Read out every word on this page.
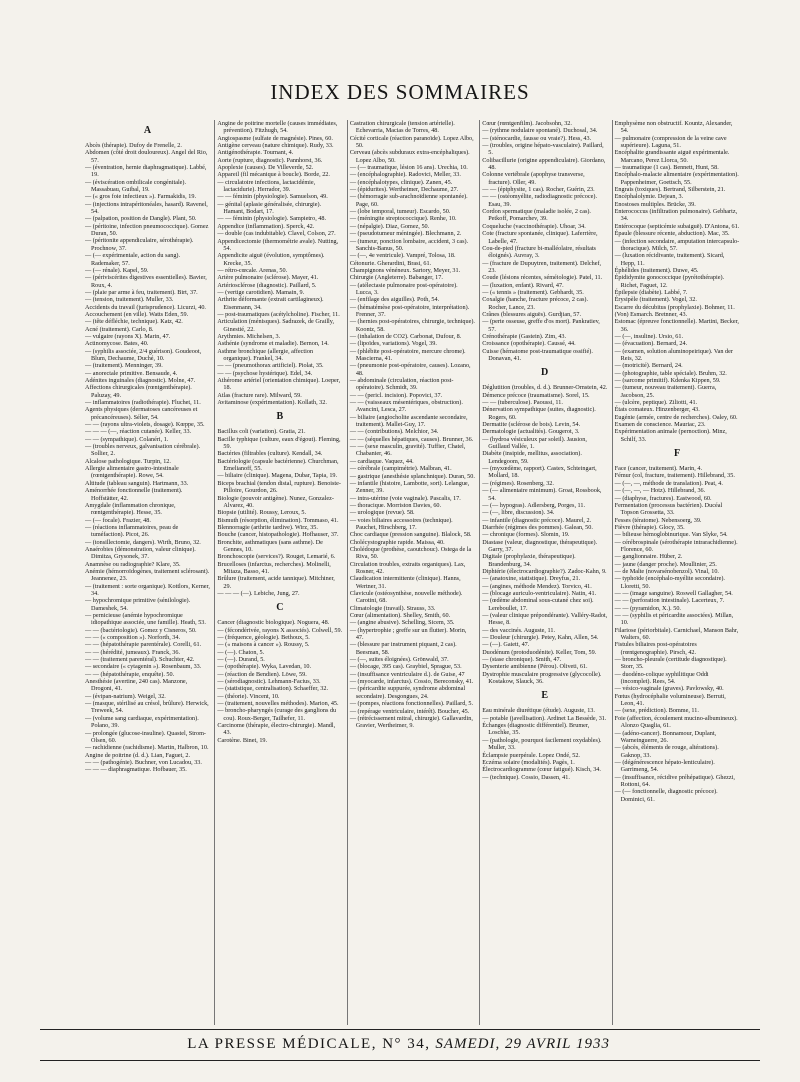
INDEX DES SOMMAIRES
A

Abcès (thérapie). Dufoy de Frenelle, 2.

Abdomen (côté droit douloureux). Angel del Rio, 57.

— (éventration, hernie diaphragmatique). Labbé, 19.

— (éviscération ombilicale congénitale). Massabuau, Guibal, 19.

— (« gros foie infectieux »). Farmakidis, 19.

— (injections intrapéritonéales, hasard). Ravenel, 54.

— (palpation, position de Dangle). Plant, 50.

— (péritoine, infection pneumococcique). Gomez Duran, 50.

— (péritonite appendiculaire, sérothérapie). Prochnow, 37.

— (— expérimentale, action du sang). Rademaker, 57.

— (— rénale). Kapel, 59.

— (périviscérites digestives essentielles). Bavier, Roux, 4.

— (plaie par arme à feu, traitement). Birt, 37.

— (tension, traitement). Muller, 33.

Accidents du travail (jurisprudence). Licurzi, 40.

Accouchement (en ville). Watts Eden, 59.

— (tête défléchie, technique). Katz, 42.

Acné (traitement). Carlo, 8.

— vulgaire (rayons X). Marin, 47.

Actinomycose. Bates, 40.

— (syphilis associée, 2/4 guérison). Goudeoot, Blum, Dechaume, Duché, 10.

— (traitement). Menninger, 39.

— anorectale primitive. Bensaude, 4.

Adénites inguinales (diagnostic). Molne, 47.

Affections chirurgicales (rœntgenthérapie). Paluzay, 49.

— inflammatoires (radiothérapie). Fluchet, 11.

Agents physiques (dermatoses cancéreuses et précancéreuses). Sélier, 54.

— — (rayons ultra-violets, dosage). Kœppe, 35.

— — — (—, réaction cutanée). Keller, 33.

— — (sympathique). Colanéri, 1.

— (troubles nerveux, galvanisation cérébrale). Sollier, 2.

Alcalose pathologique. Turpin, 12.

Allergie alimentaire gastro-intestinale (rœntgenthérapie). Rowe, 54.

Altitude (tableau sanguin). Hartmann, 33.

Aménorrhée fonctionnelle (traitement). Hoffstätter, 42.

Amygdale (inflammation chronique, rœntgenthérapie). Hesse, 35.

— (— focale). Frazier, 48.

— (réactions inflammatoires, peau de tuméfaction). Picot, 26.

— (tonsillectomie, dangers). Wirth, Bruno, 32.

Anaérobies (démonstration, valeur clinique). Dimitza, Grysonek, 37.

Anamnèse ou radiographie? Klare, 35.

Anémie (hémorroïdogènes, traitement sclérosant). Jeannenez, 23.

— (traitement : sorte organique). Kottlors, Kerner, 34.

— hypochromique primitive (sénilologie). Dameshek, 54.

— pernicieuse (anémie hypochromique idiopathique associée, une famille). Heath, 53.

— — (bactériologie). Gomez y Cisneros, 50.

— — (« composition »). Norforth, 34.

— — (hépatothérapie parentérale). Corelli, 61.

— — (hérédité, jumeaux). Franck, 36.

— — (traitement parentéral). Schuchter, 42.

— secondaire (« cytagenin »). Rosenbaum, 33.

— — (hépatothérapie, enquête). 50.

Anesthésie (avertine, 240 cas). Manzone, Drogoni, 41.

— (évipan-natrium). Weigel, 32.

— (masque, stérilisé au crésol, brûlure). Herwick, Treweek, 54.

— (volume sang cardiaque, expérimentation). Polano, 39.

— prolongée (glucose-insuline). Quastel, Strom-Olsen, 60.

— rachidienne (rachidisme). Martin, Halbron, 10.

Angine de poitrine (d. d.). Lian, Faguet, 2.

— — (pathogénie). Buchner, von Lucadou, 33.

— — — diaphragmatique. Hofbauer, 35.

Angine de poitrine mortelle (causes immédiates, prévention). Fitzhugh, 54.

Angiospasme (sulfate de magnésie). Pines, 60.

Antigène cerveau (nature chimique). Rudy, 33.

Antigénothérapie. Tournant, 4.

Aorte (rupture, diagnostic). Pannhorst, 36.

Apoplexie (causes). De Villeverde, 52.

Appareil (fil mécanique à boucle). Borde, 22.

— circulatoire infections, lactacidémie, lactacidurie). Herrador, 39.

— — féminin (physiologie). Samuelson, 49.

— génital (aplasie généralisée, chirurgie). Hamant, Bodart, 17.

— — féminin (physiologie). Sampietro, 48.

Appendice (inflammation). Sperck, 42.

— double (cas indubitable). Clavel, Colson, 27.

Appendicectomie (thermométrie avale). Nutting, 54.

Appendicite aiguë (évolution, symptômes). Krecke, 35.

— rétro-cœcale. Arenas, 50.

Artère pulmonaire (sclérose). Mayer, 41.

Artériosclérose (diagnostic). Paillard, 5.

— (vertige carotidien). Mamain, 9.

Arthrite déformante (extrait cartilagineux). Eisenmann, 34.

— post-traumatiques (acétylcholine). Fischer, 11.

Articulation (ménisques). Sadrazek, de Grailly, Ginestié, 22.

Arythmies. Michelsen, 3.

Asthénie (syndrome et maladie). Bernon, 14.

Asthme bronchique (allergie, affection organique). Frankel, 34.

— — (pneumothorax artificiel). Piolat, 35.

— — (psychose hystérique). Edel, 34.

Athérome artériel (orientation chimique). Loeper, 18.

Atlas (fracture rare). Milward, 59.

Avitaminose (expérimentation). Kollath, 32.

B

Bacillus coli (variation). Gratia, 21.

Bacille typhique (culture, eaux d'égout). Fleming, 59.

Bactéries (filtrables (culture). Kendall, 34.

Bactériologie (capsule bactérienne). Churchman, Emelianoff, 55.

— biliaire (clinique). Magena, Dubar, Tapia, 19.

Biceps brachial (tendon distal, rupture). Benoiste-Pilloire, Gourdon, 26.

Biologie (pouvoir antigène). Nunez, Gonzalez-Alvarez, 40.

Biopsie (utilité). Roussy, Leroux, 5.

Bismuth (résorption, élimination). Tommaso, 41.

Blennorragie (arthrite tardive). Wirz, 35.

Bouche (cancer, histopathologie). Hofhauser, 37.

Bronchite, asthmatiques (sans asthme). De Gennes, 10.

Bronchoscopie (services?). Rouget, Lemarié, 6.

Brucelloses (infarctus, recherches). Molinelli, Mitaza, Basso, 41.

Brûlure (traitement, acide tannique). Mitchiner, 29.

— — — (—). Lebiche, Jung, 27.

C

Cancer (diagnostic biologique). Noguera, 48.

— (fécondérivée, rayons X associés). Colwell, 59.

— (fréquence, géologie). Bethoux, 5.

— (« maisons à cancer »). Roussy, 5.

— (—). Chaton, 5.

— (—). Durand, 5.

— (opothérapie). Wyka, Lavedan, 10.

— (réaction de Bendien). Löwe, 59.

— (sérodiagnostic). Lehmann-Facius, 33.

— (statistique, centralisation). Schaeffer, 32.

— (théorie). Vincent, 10.

— (traitement, nouvelles méthodes). Marion, 45.

— broncho-pharyngés (curage des ganglions du cou). Roux-Berger, Tailhefer, 11.

Carcinome (thérapie, électro-chirurgie). Mandl, 43.

Carotène. Binet, 19.

Castration chirurgicale (tension artérielle). Echevarria, Macias de Torres, 48.

Cécité corticale (réaction paranoïde). Lopez Albo, 50.

Cerveau (abcès subduraux extra-encéphaliques). Lopez Albo, 50.

— (— traumatique, lésion 16 ans). Urechia, 10.

— (encéphalographie). Radovici, Meller, 33.

— (encéphalotypes, clinique). Zanen, 45.

— (épidurites). Wertheimer, Dechaume, 27.

— (hémorragie sub-arachnoïdienne spontanée). Page, 60.

— (lobe temporal, tumeur). Escardo, 50.

— (méningite streptococcique). Renhe, 10.

— (népalgie). Diaz, Gomez, 50.

— (pseudotumeur méningée). Blechmann, 2.

— (tumeur, ponction lombaire, accident, 3 cas). Sanchis-Banus, 50.

— (—, 4e ventricule). Vampré, Tolosa, 18.

Cétonurie. Gherardini, Brasi, 61.

Champignons vénéneux. Sartory, Meyer, 31.

Chirurgie (Angleterre). Babanger, 17.

— (atélectasie pulmonaire post-opératoire). Lucca, 3.

— (enfilage des aiguilles). Poth, 54.

— (hématémèse post-opératoire, interprétation). Frenner, 37.

— (hernies post-opératoires, chirurgie, technique). Koontz, 58.

— (inhalation de CO2). Carbonat, Dufour, 8.

— (lipoïdes, variations). Vogel, 39.

— (phlébite post-opératoire, mercure chrome). Mascierna, 41.

— (pneumonie post-opératoire, causes). Lozano, 48.

— abdominale (circulation, réaction post-opératoire). Schmidt, 39.

— — (pericl. incision). Popovici, 37.

— — (vaisseaux mésentériques, obstruction). Avancini, Lesca, 27.

— biliaire (angiocholite ascendante secondaire, traitement). Mallet-Guy, 17.

— — (contributions). Melchior, 34.

— — (séquelles hépatiques, causes). Brunner, 36.

— — (sexe masculin, gravité). Tuffier, Chatel, Chabanier, 46.

— cardiaque. Vaquez, 44.

— cérébrale (campimétrie). Malbran, 41.

— gastrique (anesthésie splanchnique). Duran, 50.

— infantile (histoire, Lambotte, sort). Lelangue, Zenner, 39.

— intra-utérine (voie vaginale). Pascalis, 17.

— thoracique. Morriston Davies, 60.

— urologique (revue). 58.

— voies biliaires accessoires (technique). Pauchet, Hirschberg, 17.

Choc cardiaque (pression sanguine). Blalock, 58.

Cholécystographie rapide. Maissa, 40.

Cholédoque (prothèse, caoutchouc). Ostega de la Riva, 50.

Circulation troubles, extraits organiques). Lax, Rosner, 42.

Claudication intermittente (clinique). Hanns, Wertner, 31.

Clavicule (ostéosynthèse, nouvelle méthode). Carotini, 68.

Climatologie (travail). Strauss, 33.

Cœur (alimentation). Shelley, Smith, 60.

— (angine abusive). Schelling, Sicem, 35.

— (hypertrophie ; greffe sur un flutter). Morin, 47.

— (blessure par instrument piquant, 2 cas). Beesman, 58.

— (—, suites éloignées). Grönwald, 37.

— (blocage, 395 cas). Graybiel, Sprague, 53.

— (insuffisance ventriculaire d.). de Guise, 47

— (myocarde, infarctus). Cossio, Bereconsky, 41.

— (péricardite suppurée, syndrome abdominal secondaire). Desgongues, 24.

— (pompes, réactions fonctionnelles). Paillard, 5.

— (repérage ventriculaire, intérêt). Boucher, 45.

— (rétrécissement mitral, chirurgie). Gallavardin, Gravier, Wertheimer, 9.

Cœur (rœntgenfilm). Jacobsohn, 32.

— (rythme nodulaire spontané). Duchosal, 34.

— (sténocardie, fausse ou vraie?). Hess, 43.

— (troubles, origine hépato-vasculaire). Paillard, 5.

Colibacillurie (origine appendiculaire). Giordano, 48.

Colonne vertébrale (apophyse transverse, fracture). Oller, 49.

— — (épiphysite, 1 cas). Rocher, Guérin, 23.

— — (ostéomyélite, radiodiagnostic précoce). Esau, 39.

Cordon spermatique (maladie isolée, 2 cas). Petkoff, Pomarchev, 39.

Coqueluche (vaccinothérapie). Uhoar, 34.

Cote (fracture spontanée, clinique). Laferrière, Labelle, 47.

Cou-de-pied (fracture bi-malléolaire, résultats éloignés). Auvray, 3.

— (fracture de Dupuytren, traitement). Delchef, 23.

Coude (lésions récentes, séméiologie). Patel, 11.

— (luxation, enfant). Rivard, 47.

— (« tennis » (traitement). Gebhardt, 35.

Coxalgie (hanche, fracture précoce, 2 cas). Rocher, Lance, 23.

Crânes (blessures aiguës). Gurdjian, 57.

— (perte osseuse, greffe d'os mort). Pankratiev, 57.

Crénothérapie (Gastein). Zim, 43.

Croissance (opothérapie). Caussé, 44.

Cuisse (hématome post-traumatique ossifié). Donavan, 41.

D

Déglutition (troubles, d. d.). Brunner-Ornstein, 42.

Démence précoce (traumatisme). Sorel, 15.

— — (tuberculose). Paoussi, 11.

Dénervation sympathique (suites, diagnostic). Rogers, 60.

Dermatite (sclérose de bois). Levin, 54.

Dermatologie (actualités). Gougerot, 3.

— (hydroa vésiculeux par soleil). Jausion, Guillaud Vallée, 1.

Diabète (insipide, mellitus, association). Lendegoom, 59.

— (myxœdème, rapport). Castex, Schteingart, Mollard, 18.

— (régimes). Rosenberg, 32.

— (— alimentaire minimum). Groat, Rossbook, 54.

— (— hypogras). Adlersberg, Porges, 11.

— (—, libre, discussion). 34.

— infantile (diagnostic précoce). Maurel, 2.

Diarrhée (régimes des pommes). Galean, 50.

— chronique (formes). Slomin, 19.

Diastase (valeur, diagnostique, thérapeutique). Garry, 37.

Digitale (prophylaxie, thérapeutique). Brandenburg, 34.

Diphtérie (électrocardiographie?). Zadoc-Kahn, 9.

— (anatoxine, statistique). Dreyfus, 21.

— (angines, méthode Mendez). Torvico, 41.

— (blocage auriculo-ventriculaire). Natin, 41.

— (œdème abdominal sous-cutané chez soi). Lereboullet, 17.

— (valeur clinique prépondérante). Valléry-Radot, Hesse, 8.

— des vaccinés. Auguste, 11.

— Douleur (chirurgie). Petey, Kahn, Allen, 54.

— (—). Gaiett, 47.

Duodénum (protoduodénite). Keller, Tom, 59.

— (stase chronique). Smith, 47.

Dysenterie amibienne (Pérou). Oliveti, 61.

Dystrophie musculaire progressive (glycocolle). Kostakow, Slauck, 36.

E

Eau minérale diurétique (étude). Auguste, 13.

— potable (javellisation). Ardinet La Bessède, 31.

Échanges (diagnostic différentiel). Brumer, Loschke, 35.

— (pathologie, pourquoi facilement oxydables). Muller, 33.

Éclampsie puerpérale. Lopez Ondé, 52.

Eczéma solaire (modalités). Pagès, 1.

Électrocardiogramme (cœur fatigué). Kisch, 34.

— (technique). Cossio, Dassen, 41.

Emphysème non obstructif. Kountz, Alexander, 54.

— pulmonaire (compression de la veine cave supérieure). Laguna, 51.

Encéphalite grandissante aiguë expérimentale. Marcano, Perez Llorca, 50.

— traumatique (1 cas). Bennett, Hunt, 58.

Encéphalo-malacie alimentaire (expérimentation). Pappenheimer, Goettsch, 55.

Engrais (toxiques). Bertrand, Silberstein, 21.

Encéphalolymie. Dejean, 3.

Enostoses multiples. Brücke, 39.

Enterococcus (infiltration pulmonaire). Gebhartz, 34.

Entérocoque (septicémie subaiguë). D'Antona, 61.

Épaule (blessure récente, abduction). Mac, 35.

— (infection secondaire, amputation intercapsulo-thoracique). Milch, 57.

— (luxation récidivante, traitement). Sicard, Hepp, 11.

Éphélides (traitement). Duwe, 45.

Épididymite gonococcique (pyrétothérapie). Richet, Faguet, 12.

Épilepsie (diabète). Labbé, 7.

Érysipèle (traitement). Vogel, 32.

Escarre du décubitus (prophylaxie). Bohmer, 11.

(Von) Esmarch. Bretnner, 43.

Estomac (épreuve fonctionnelle). Martini, Becker, 36.

— (—, insuline). Ursio, 61.

— (évacuation). Bernard, 24.

— (examen, solution aluminopeirique). Van der Reis, 32.

— (motricité). Bernard, 24.

— (photographie, table spéciale). Bruhm, 32.

— (sarcome primitif). Kdenka Kippen, 59.

— (tumeur, nouveau traitement). Guerra, Jacobson, 25.

— (ulcère, peptique). Ziliotti, 41.

États comateux. Hinzenberger, 43.

Eugénie (armée, centre de recherches). Oaley, 60.

Examen de conscience. Mauriac, 23.

Expérimentation animale (pernoction). Minz, Schilf, 33.

F

Face (cancer, traitement). Marin, 4.

Fémur (col, fracture, traitement). Hillebrand, 35.

— (—, —, méthode de translation). Peat, 4.

— (—, —, — Hotz). Hillebrand, 36.

— (diaphyse, fractures). Eastwood, 60.

Fermentation (processus bactérien). Ducéal Topson Grossetta, 33.

Fesses (tératome). Nebensoerg, 39.

Fièvre (thérapie). Glocy, 35.

— bilieuse hémoglobinurique. Van Slyke, 54.

— cérébrospinale (sérothérapie intrarachidienne). Florence, 60.

— ganglionnaire. Hüber, 2.

— jaune (danger proche). Moullinier, 25.

— de Malte (novarsénobenzol). Vinal, 10.

— typhoïde (encéphalo-myélite secondaire). Lloretti, 50.

— — (image sanguine). Roswell Gallagher, 54.

— — (perforation intestinale). Lacerteux, 7.

— — (pyramidon, X.). 50.

— — (syphilis et péricardite associées). Millan, 10.

Filariose (périorbitale). Carnichael, Manson Bahr, Walters, 60.

Fistules biliaires post-opératoires (rœntgenographie). Pirsch, 42.

— broncho-pleurale (certitude diagnostique). Storr, 35.

— duodéno-colique syphilitique Oddi (incomplet). Rees, 54.

— vésico-vaginale (graves). Pavlowsky, 40.

Fœtus (hydrocéphalie volumineuse). Berruti, Leon, 41.

— (sexe, prédiction). Bomme, 11.

Foie (affection, écoulement mucino-albumineux). Alonzo Quaglia, 61.

— (adéno-cancer). Bonnamour, Duplant, Warneinguerre, 26.

— (abcès, éléments de rouge, altérations). Gaknop, 33.

— (dégénérescence hépato-lenticulaire). Garrimeng, 54.

— (insuffisance, récidive préhépatique). Ghezzi, Rottoni, 64.

— (— fonctionnelle, diagnostic précoce). Dominici, 61.

LA PRESSE MÉDICALE, N° 34, SAMEDI, 29 AVRIL 1933
